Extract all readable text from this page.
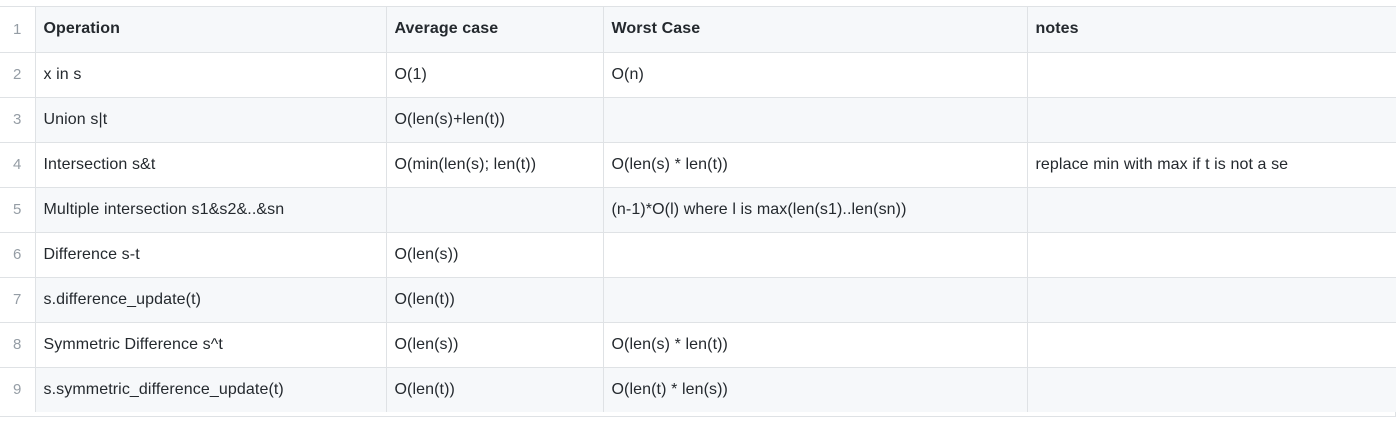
1	Operation	Average case	Worst Case	notes
2	x in s	O(1)	O(n)	
3	Union s|t	O(len(s)+len(t))		
4	Intersection s&t	O(min(len(s); len(t))	O(len(s) * len(t))	replace min with max if t is not a se
5	Multiple intersection s1&s2&..&sn		(n-1)*O(l) where l is max(len(s1)..len(sn))	
6	Difference s-t	O(len(s))		
7	s.difference_update(t)	O(len(t))		
8	Symmetric Difference s^t	O(len(s))	O(len(s) * len(t))	
9	s.symmetric_difference_update(t)	O(len(t))	O(len(t) * len(s))	
